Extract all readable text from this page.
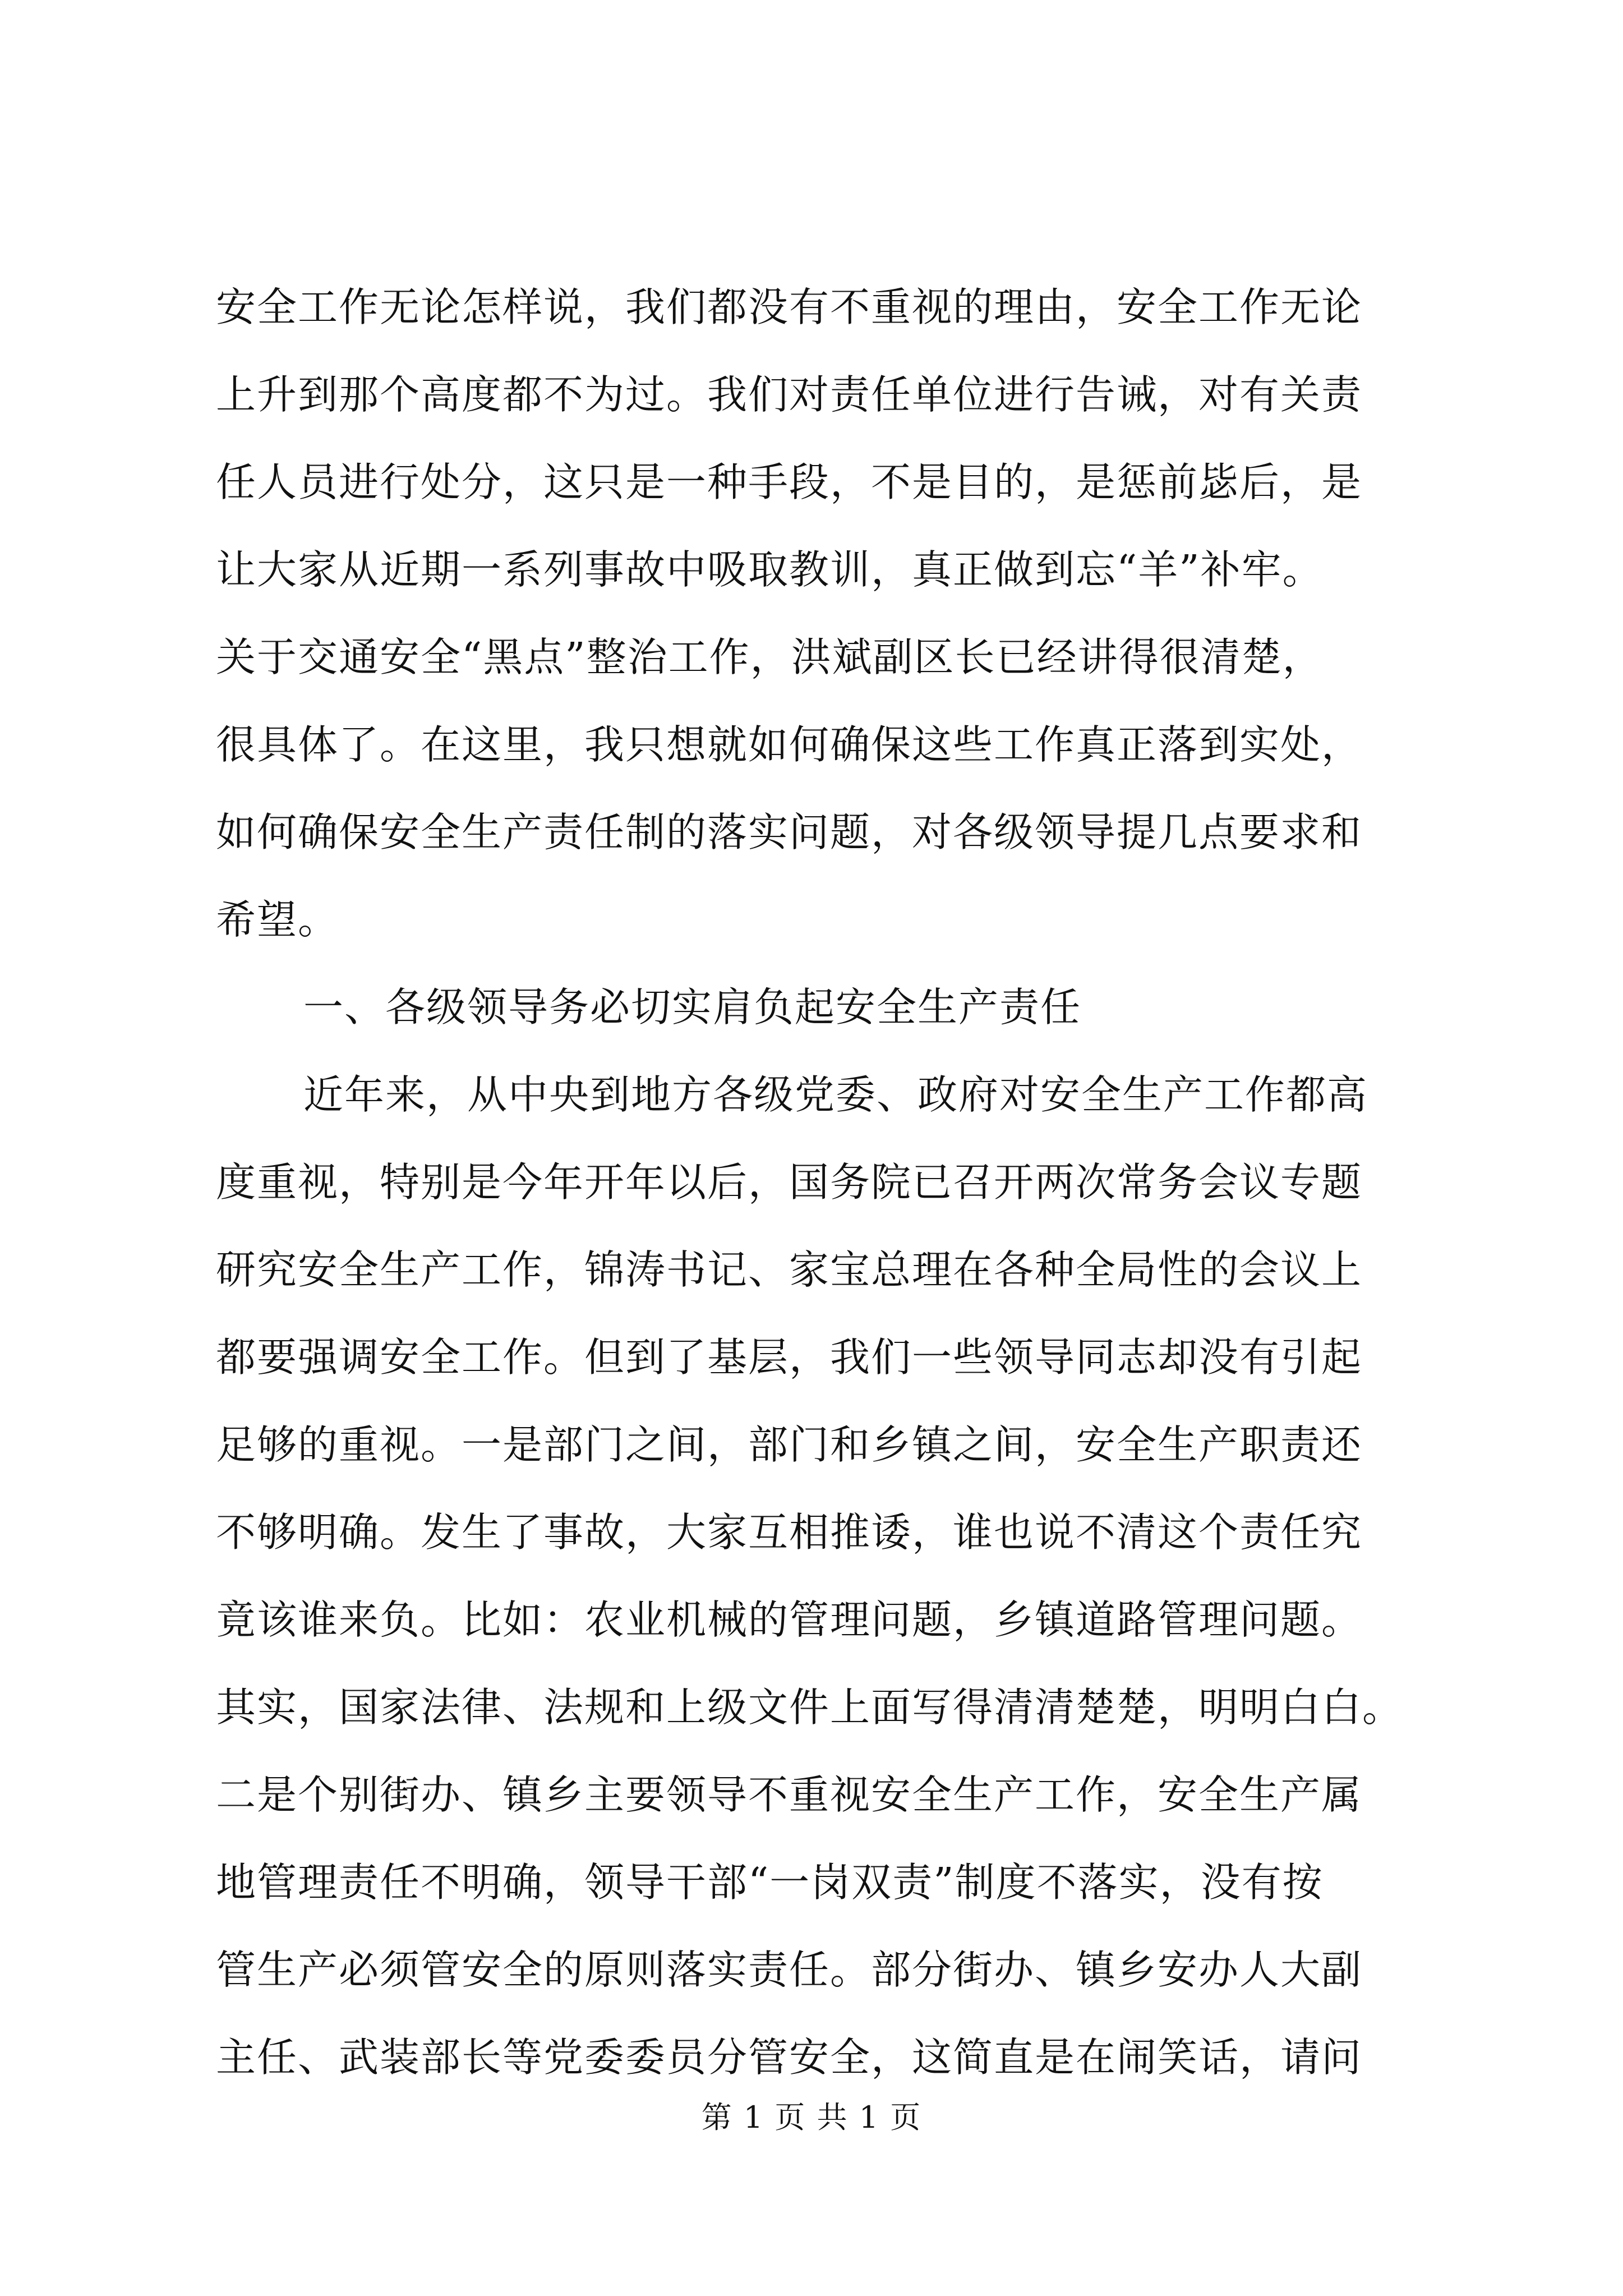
安全工作无论怎样说，我们都没有不重视的理由，安全工作无论
上升到那个高度都不为过。我们对责任单位进行告诫，对有关责
任人员进行处分，这只是一种手段，不是目的，是惩前毖后，是
让大家从近期一系列事故中吸取教训，真正做到忘“羊”补牢。
关于交通安全“黑点”整治工作，洪斌副区长已经讲得很清楚，
很具体了。在这里，我只想就如何确保这些工作真正落到实处，
如何确保安全生产责任制的落实问题，对各级领导提几点要求和
希望。
一、各级领导务必切实肩负起安全生产责任
近年来，从中央到地方各级党委、政府对安全生产工作都高
度重视，特别是今年开年以后，国务院已召开两次常务会议专题
研究安全生产工作，锦涛书记、家宝总理在各种全局性的会议上
都要强调安全工作。但到了基层，我们一些领导同志却没有引起
足够的重视。一是部门之间，部门和乡镇之间，安全生产职责还
不够明确。发生了事故，大家互相推诿，谁也说不清这个责任究
竟该谁来负。比如：农业机械的管理问题，乡镇道路管理问题。
其实，国家法律、法规和上级文件上面写得清清楚楚，明明白白。
二是个别街办、镇乡主要领导不重视安全生产工作，安全生产属
地管理责任不明确，领导干部“一岗双责”制度不落实，没有按
管生产必须管安全的原则落实责任。部分街办、镇乡安办人大副
主任、武装部长等党委委员分管安全，这简直是在闹笑话，请问
第 1 页 共 1 页
